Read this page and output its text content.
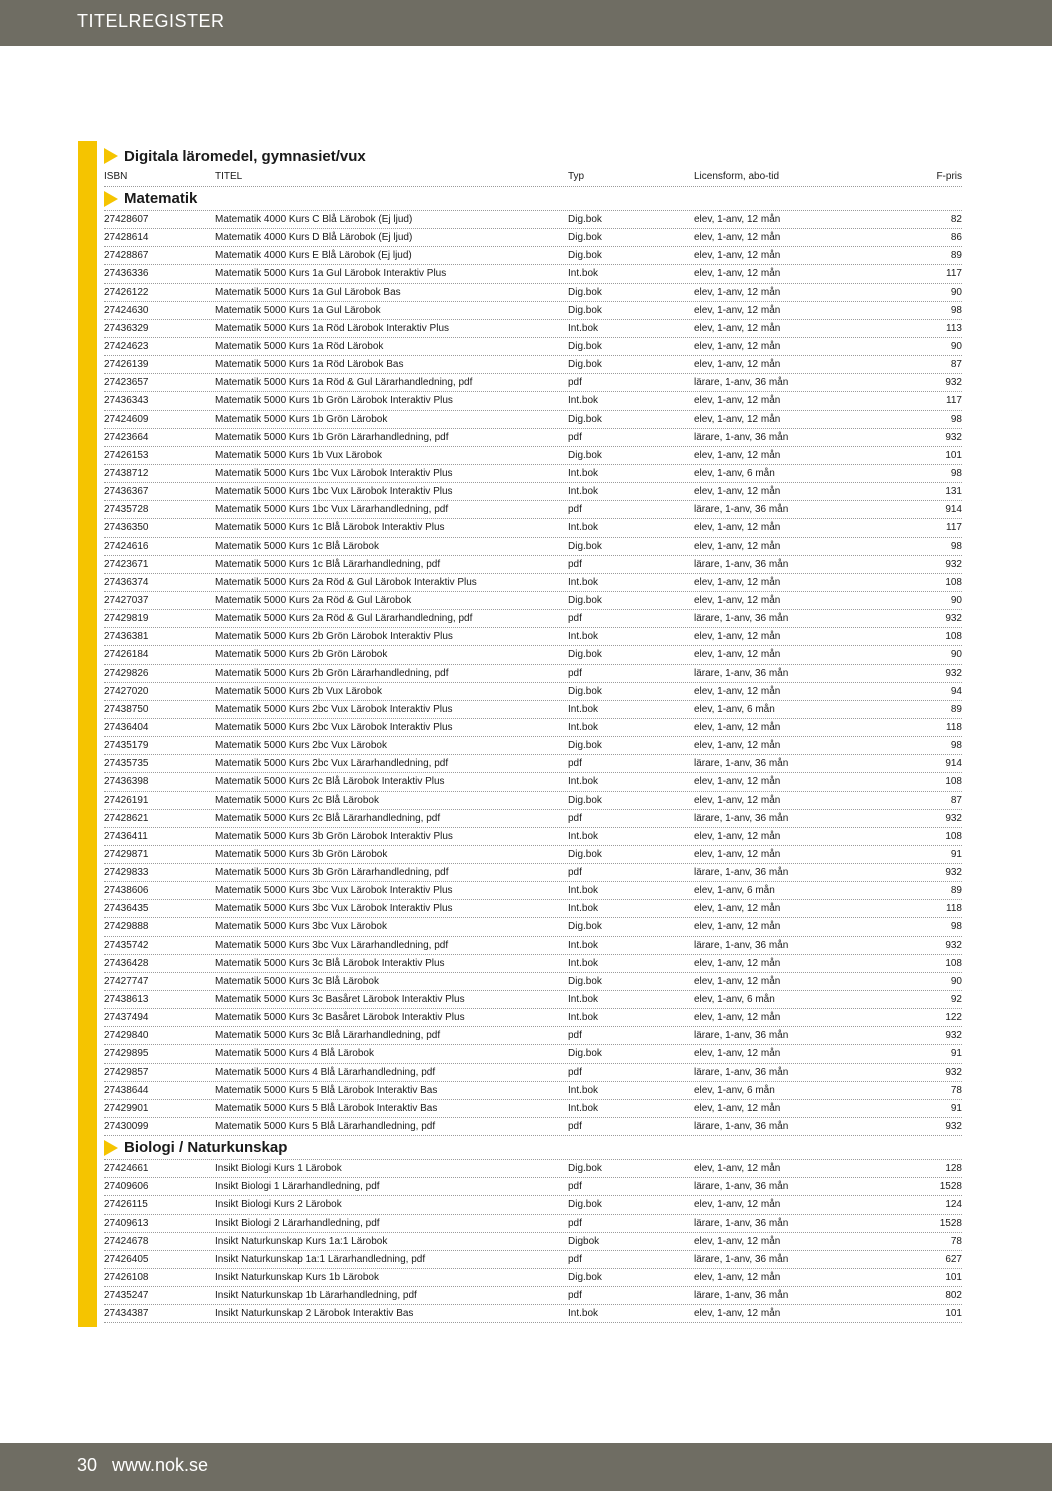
TITELREGISTER
Digitala läromedel, gymnasiet/vux
ISBN	TITEL	Typ	Licensform, abo-tid	F-pris
Matematik
27428607	Matematik 4000 Kurs C Blå Lärobok (Ej ljud)	Dig.bok	elev, 1-anv, 12 mån	82
27428614	Matematik 4000 Kurs D Blå Lärobok (Ej ljud)	Dig.bok	elev, 1-anv, 12 mån	86
27428867	Matematik 4000 Kurs E Blå Lärobok (Ej ljud)	Dig.bok	elev, 1-anv, 12 mån	89
27436336	Matematik 5000 Kurs 1a Gul Lärobok Interaktiv Plus	Int.bok	elev, 1-anv, 12 mån	117
27426122	Matematik 5000 Kurs 1a Gul Lärobok Bas	Dig.bok	elev, 1-anv, 12 mån	90
27424630	Matematik 5000 Kurs 1a Gul Lärobok	Dig.bok	elev, 1-anv, 12 mån	98
27436329	Matematik 5000 Kurs 1a Röd Lärobok Interaktiv Plus	Int.bok	elev, 1-anv, 12 mån	113
27424623	Matematik 5000 Kurs 1a Röd Lärobok	Dig.bok	elev, 1-anv, 12 mån	90
27426139	Matematik 5000 Kurs 1a Röd Lärobok Bas	Dig.bok	elev, 1-anv, 12 mån	87
27423657	Matematik 5000 Kurs 1a Röd & Gul Lärarhandledning, pdf	pdf	lärare, 1-anv, 36 mån	932
27436343	Matematik 5000 Kurs 1b Grön Lärobok Interaktiv Plus	Int.bok	elev, 1-anv, 12 mån	117
27424609	Matematik 5000 Kurs 1b Grön Lärobok	Dig.bok	elev, 1-anv, 12 mån	98
27423664	Matematik 5000 Kurs 1b Grön Lärarhandledning, pdf	pdf	lärare, 1-anv, 36 mån	932
27426153	Matematik 5000 Kurs 1b Vux Lärobok	Dig.bok	elev, 1-anv, 12 mån	101
27438712	Matematik 5000 Kurs 1bc Vux Lärobok Interaktiv Plus	Int.bok	elev, 1-anv, 6 mån	98
27436367	Matematik 5000 Kurs 1bc Vux Lärobok Interaktiv Plus	Int.bok	elev, 1-anv, 12 mån	131
27435728	Matematik 5000 Kurs 1bc Vux Lärarhandledning, pdf	pdf	lärare, 1-anv, 36 mån	914
27436350	Matematik 5000 Kurs 1c Blå Lärobok Interaktiv Plus	Int.bok	elev, 1-anv, 12 mån	117
27424616	Matematik 5000 Kurs 1c Blå Lärobok	Dig.bok	elev, 1-anv, 12 mån	98
27423671	Matematik 5000 Kurs 1c Blå Lärarhandledning, pdf	pdf	lärare, 1-anv, 36 mån	932
27436374	Matematik 5000 Kurs 2a Röd & Gul Lärobok Interaktiv Plus	Int.bok	elev, 1-anv, 12 mån	108
27427037	Matematik 5000 Kurs 2a Röd & Gul Lärobok	Dig.bok	elev, 1-anv, 12 mån	90
27429819	Matematik 5000 Kurs 2a Röd & Gul Lärarhandledning, pdf	pdf	lärare, 1-anv, 36 mån	932
27436381	Matematik 5000 Kurs 2b Grön Lärobok Interaktiv Plus	Int.bok	elev, 1-anv, 12 mån	108
27426184	Matematik 5000 Kurs 2b Grön Lärobok	Dig.bok	elev, 1-anv, 12 mån	90
27429826	Matematik 5000 Kurs 2b Grön Lärarhandledning, pdf	pdf	lärare, 1-anv, 36 mån	932
27427020	Matematik 5000 Kurs 2b Vux Lärobok	Dig.bok	elev, 1-anv, 12 mån	94
27438750	Matematik 5000 Kurs 2bc Vux Lärobok Interaktiv Plus	Int.bok	elev, 1-anv, 6 mån	89
27436404	Matematik 5000 Kurs 2bc Vux Lärobok Interaktiv Plus	Int.bok	elev, 1-anv, 12 mån	118
27435179	Matematik 5000 Kurs 2bc Vux Lärobok	Dig.bok	elev, 1-anv, 12 mån	98
27435735	Matematik 5000 Kurs 2bc Vux Lärarhandledning, pdf	pdf	lärare, 1-anv, 36 mån	914
27436398	Matematik 5000 Kurs 2c Blå Lärobok Interaktiv Plus	Int.bok	elev, 1-anv, 12 mån	108
27426191	Matematik 5000 Kurs 2c Blå Lärobok	Dig.bok	elev, 1-anv, 12 mån	87
27428621	Matematik 5000 Kurs 2c Blå Lärarhandledning, pdf	pdf	lärare, 1-anv, 36 mån	932
27436411	Matematik 5000 Kurs 3b Grön Lärobok Interaktiv Plus	Int.bok	elev, 1-anv, 12 mån	108
27429871	Matematik 5000 Kurs 3b Grön Lärobok	Dig.bok	elev, 1-anv, 12 mån	91
27429833	Matematik 5000 Kurs 3b Grön Lärarhandledning, pdf	pdf	lärare, 1-anv, 36 mån	932
27438606	Matematik 5000 Kurs 3bc Vux Lärobok Interaktiv Plus	Int.bok	elev, 1-anv, 6 mån	89
27436435	Matematik 5000 Kurs 3bc Vux Lärobok Interaktiv Plus	Int.bok	elev, 1-anv, 12 mån	118
27429888	Matematik 5000 Kurs 3bc Vux Lärobok	Dig.bok	elev, 1-anv, 12 mån	98
27435742	Matematik 5000 Kurs 3bc Vux Lärarhandledning, pdf	Int.bok	lärare, 1-anv, 36 mån	932
27436428	Matematik 5000 Kurs 3c Blå Lärobok Interaktiv Plus	Int.bok	elev, 1-anv, 12 mån	108
27427747	Matematik 5000 Kurs 3c Blå Lärobok	Dig.bok	elev, 1-anv, 12 mån	90
27438613	Matematik 5000 Kurs 3c Basåret Lärobok Interaktiv Plus	Int.bok	elev, 1-anv, 6 mån	92
27437494	Matematik 5000 Kurs 3c Basåret Lärobok Interaktiv Plus	Int.bok	elev, 1-anv, 12 mån	122
27429840	Matematik 5000 Kurs 3c Blå Lärarhandledning, pdf	pdf	lärare, 1-anv, 36 mån	932
27429895	Matematik 5000 Kurs 4 Blå Lärobok	Dig.bok	elev, 1-anv, 12 mån	91
27429857	Matematik 5000 Kurs 4 Blå Lärarhandledning, pdf	pdf	lärare, 1-anv, 36 mån	932
27438644	Matematik 5000 Kurs 5 Blå Lärobok Interaktiv Bas	Int.bok	elev, 1-anv, 6 mån	78
27429901	Matematik 5000 Kurs 5 Blå Lärobok Interaktiv Bas	Int.bok	elev, 1-anv, 12 mån	91
27430099	Matematik 5000 Kurs 5 Blå Lärarhandledning, pdf	pdf	lärare, 1-anv, 36 mån	932
Biologi / Naturkunskap
27424661	Insikt Biologi Kurs 1 Lärobok	Dig.bok	elev, 1-anv, 12 mån	128
27409606	Insikt Biologi 1 Lärarhandledning, pdf	pdf	lärare, 1-anv, 36 mån	1528
27426115	Insikt Biologi Kurs 2 Lärobok	Dig.bok	elev, 1-anv, 12 mån	124
27409613	Insikt Biologi 2 Lärarhandledning, pdf	pdf	lärare, 1-anv, 36 mån	1528
27424678	Insikt Naturkunskap Kurs 1a:1 Lärobok	Digbok	elev, 1-anv, 12 mån	78
27426405	Insikt Naturkunskap 1a:1 Lärarhandledning, pdf	pdf	lärare, 1-anv, 36 mån	627
27426108	Insikt Naturkunskap Kurs 1b Lärobok	Dig.bok	elev, 1-anv, 12 mån	101
27435247	Insikt Naturkunskap 1b Lärarhandledning, pdf	pdf	lärare, 1-anv, 36 mån	802
27434387	Insikt Naturkunskap 2 Lärobok Interaktiv Bas	Int.bok	elev, 1-anv, 12 mån	101
30 www.nok.se
